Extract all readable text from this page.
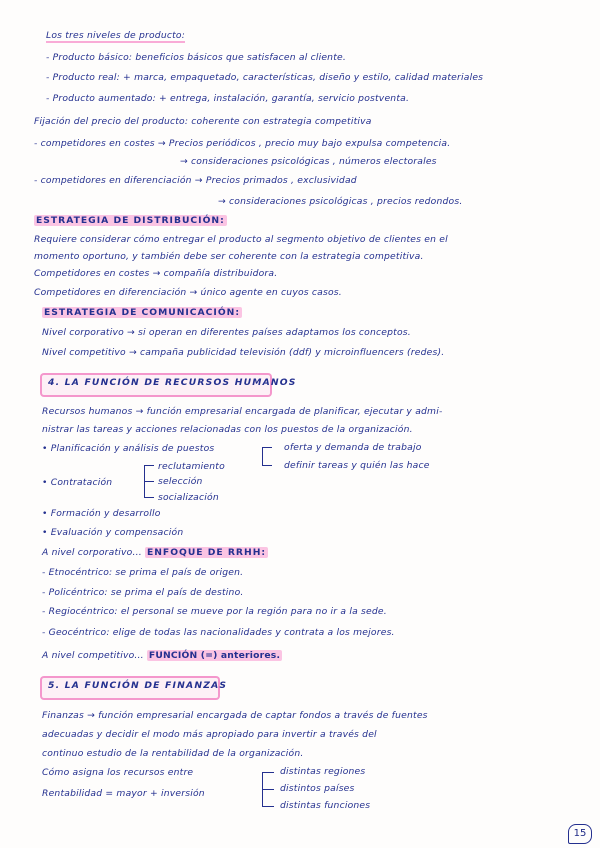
Los tres niveles de producto:
- Producto básico: beneficios básicos que satisfacen al cliente.
- Producto real: + marca, empaquetado, características, diseño y estilo, calidad materiales
- Producto aumentado: + entrega, instalación, garantía, servicio postventa.
Fijación del precio del producto: coherente con estrategia competitiva
- competidores en costes → Precios periódicos , precio muy bajo expulsa competencia.
→ consideraciones psicológicas , números electorales
- competidores en diferenciación → Precios primados , exclusividad
→ consideraciones psicológicas , precios redondos.
ESTRATEGIA DE DISTRIBUCIÓN:
Requiere considerar cómo entregar el producto al segmento objetivo de clientes en el
momento oportuno, y también debe ser coherente con la estrategia competitiva.
Competidores en costes → compañía distribuidora.
Competidores en diferenciación → único agente en cuyos casos.
ESTRATEGIA DE COMUNICACIÓN:
Nivel corporativo → si operan en diferentes países adaptamos los conceptos.
Nivel competitivo → campaña publicidad televisión (ddf) y microinfluencers (redes).
4. LA FUNCIÓN DE RECURSOS HUMANOS
Recursos humanos → función empresarial encargada de planificar, ejecutar y admi-
nistrar las tareas y acciones relacionadas con los puestos de la organización.
• Planificación y análisis de puestos	oferta y demanda de trabajo
definir tareas y quién las hace
reclutamiento
• Contratación	selección
socialización
• Formación y desarrollo
• Evaluación y compensación
A nivel corporativo... ENFOQUE DE RRHH:
- Etnocéntrico: se prima el país de origen.
- Policéntrico: se prima el país de destino.
- Regiocéntrico: el personal se mueve por la región para no ir a la sede.
- Geocéntrico: elige de todas las nacionalidades y contrata a los mejores.
A nivel competitivo... FUNCIÓN (=) anteriores.
5. LA FUNCIÓN DE FINANZAS
Finanzas → función empresarial encargada de captar fondos a través de fuentes
adecuadas y decidir el modo más apropiado para invertir a través del
continuo estudio de la rentabilidad de la organización.
Cómo asigna los recursos entre	distintas regiones
distintos países
distintas funciones
Rentabilidad = mayor + inversión
15
